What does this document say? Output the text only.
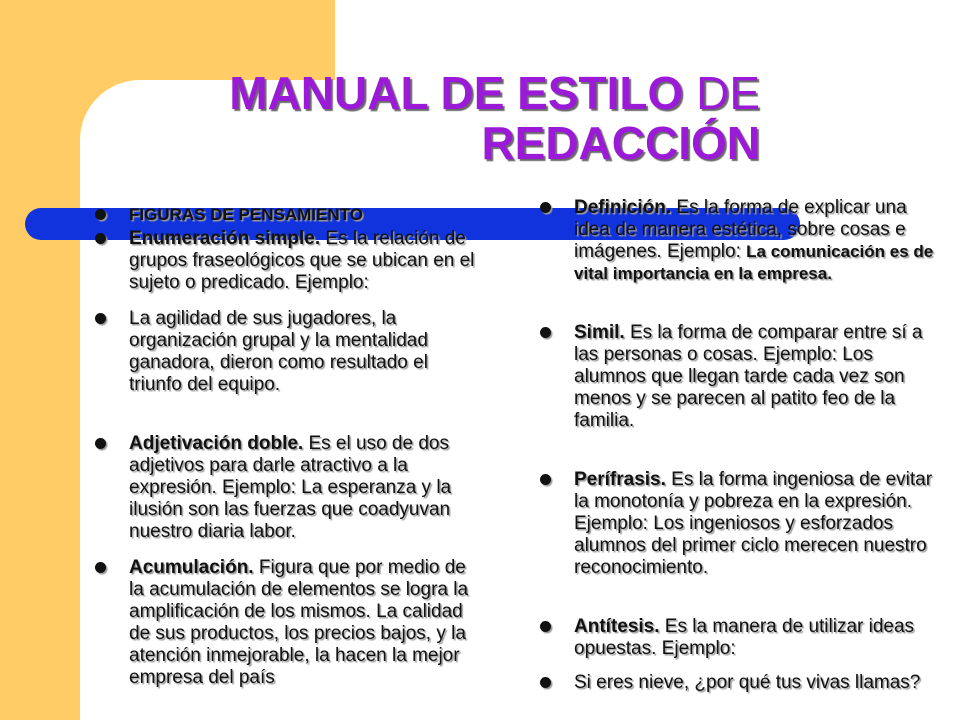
MANUAL DE ESTILO DE
REDACCIÓN

FIGURAS DE PENSAMIENTO

Enumeración simple. Es la relación de grupos fraseológicos que se ubican en el sujeto o predicado. Ejemplo:

La agilidad de sus jugadores, la organización grupal y la mentalidad ganadora, dieron como resultado el triunfo del equipo.

Adjetivación doble. Es el uso de dos adjetivos para darle atractivo a la expresión. Ejemplo: La esperanza y la ilusión son las fuerzas que coadyuvan nuestro diaria labor.

Acumulación. Figura que por medio de la acumulación de elementos se logra la amplificación de los mismos. La calidad de sus productos, los precios bajos, y la atención inmejorable, la hacen la mejor empresa del país

Definición. Es la forma de explicar una idea de manera estética, sobre cosas e imágenes. Ejemplo: La comunicación es de vital importancia en la empresa.

Simil. Es la forma de comparar entre sí a las personas o cosas. Ejemplo: Los alumnos que llegan tarde cada vez son menos y se parecen al patito feo de la familia.

Perífrasis. Es la forma ingeniosa de evitar la monotonía y pobreza en la expresión. Ejemplo: Los ingeniosos y esforzados alumnos del primer ciclo merecen nuestro reconocimiento.

Antítesis. Es la manera de utilizar ideas opuestas. Ejemplo:

Si eres nieve, ¿por qué tus vivas llamas?
